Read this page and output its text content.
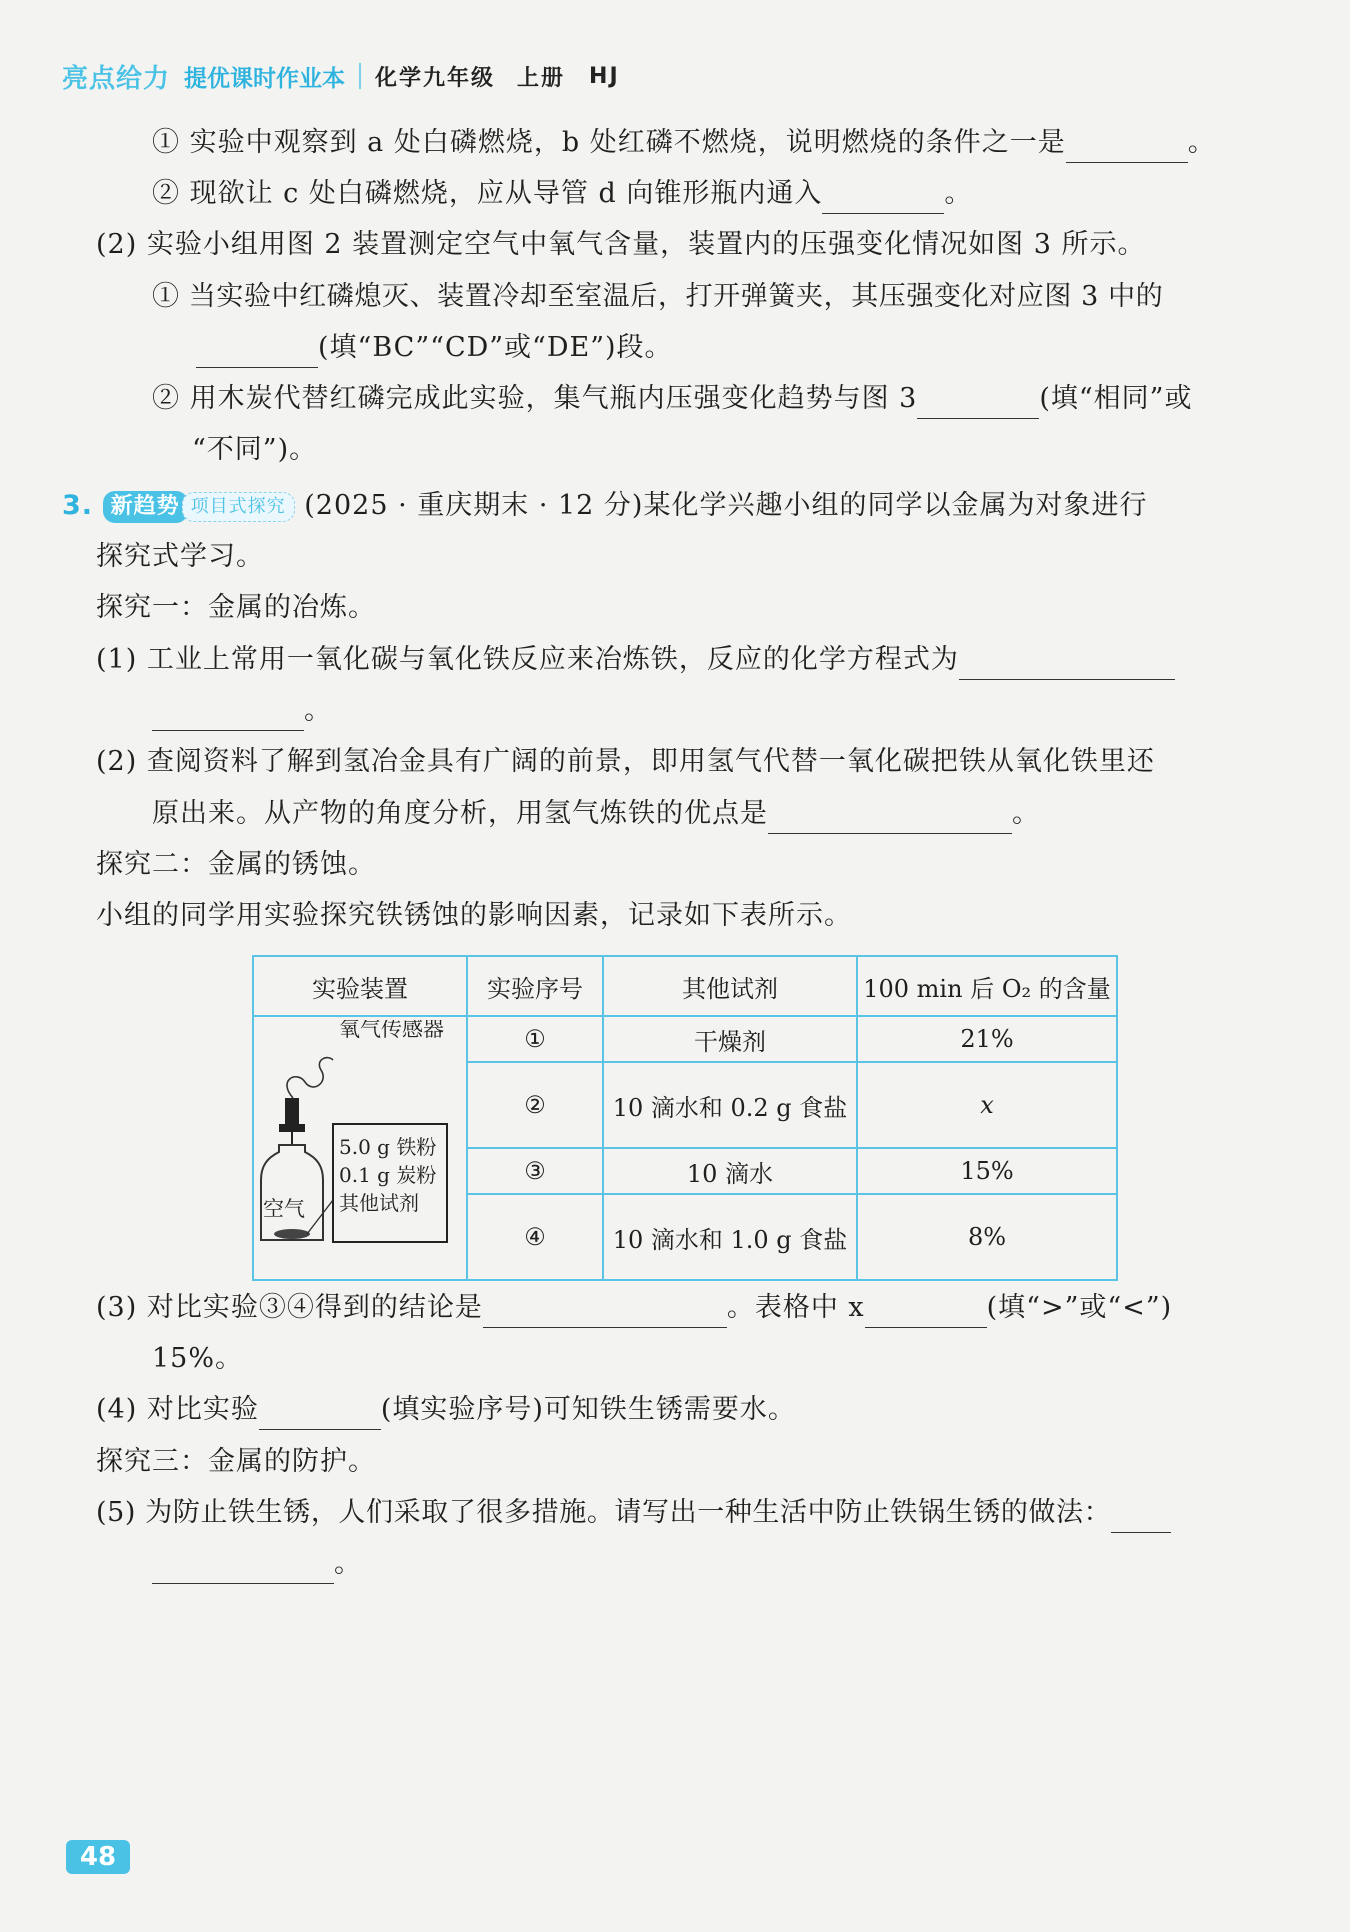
亮点给力 提优课时作业本 化学九年级 上册 HJ
① 实验中观察到 a 处白磷燃烧，b 处红磷不燃烧，说明燃烧的条件之一是	。
② 现欲让 c 处白磷燃烧，应从导管 d 向锥形瓶内通入	。
(2) 实验小组用图 2 装置测定空气中氧气含量，装置内的压强变化情况如图 3 所示。
① 当实验中红磷熄灭、装置冷却至室温后，打开弹簧夹，其压强变化对应图 3 中的
(填“BC”“CD”或“DE”)段。
② 用木炭代替红磷完成此实验，集气瓶内压强变化趋势与图 3	(填“相同”或
“不同”)。
3. 新趋势 项目式探究 (2025 · 重庆期末 · 12 分)某化学兴趣小组的同学以金属为对象进行
探究式学习。
探究一：金属的冶炼。
(1) 工业上常用一氧化碳与氧化铁反应来冶炼铁，反应的化学方程式为
。
(2) 查阅资料了解到氢冶金具有广阔的前景，即用氢气代替一氧化碳把铁从氧化铁里还
原出来。从产物的角度分析，用氢气炼铁的优点是	。
探究二：金属的锈蚀。
小组的同学用实验探究铁锈蚀的影响因素，记录如下表所示。
实验装置	实验序号	其他试剂	100 min 后 O₂ 的含量

氧气传感器
空气
5.0 g 铁粉
0.1 g 炭粉
其他试剂	①	干燥剂	21%
	②	10 滴水和 0.2 g 食盐	x
	③	10 滴水	15%
	④	10 滴水和 1.0 g 食盐	8%
(3) 对比实验③④得到的结论是	。表格中 x	(填“>”或“<”)
15%。
(4) 对比实验	(填实验序号)可知铁生锈需要水。
探究三：金属的防护。
(5) 为防止铁生锈，人们采取了很多措施。请写出一种生活中防止铁锅生锈的做法：
。
48
